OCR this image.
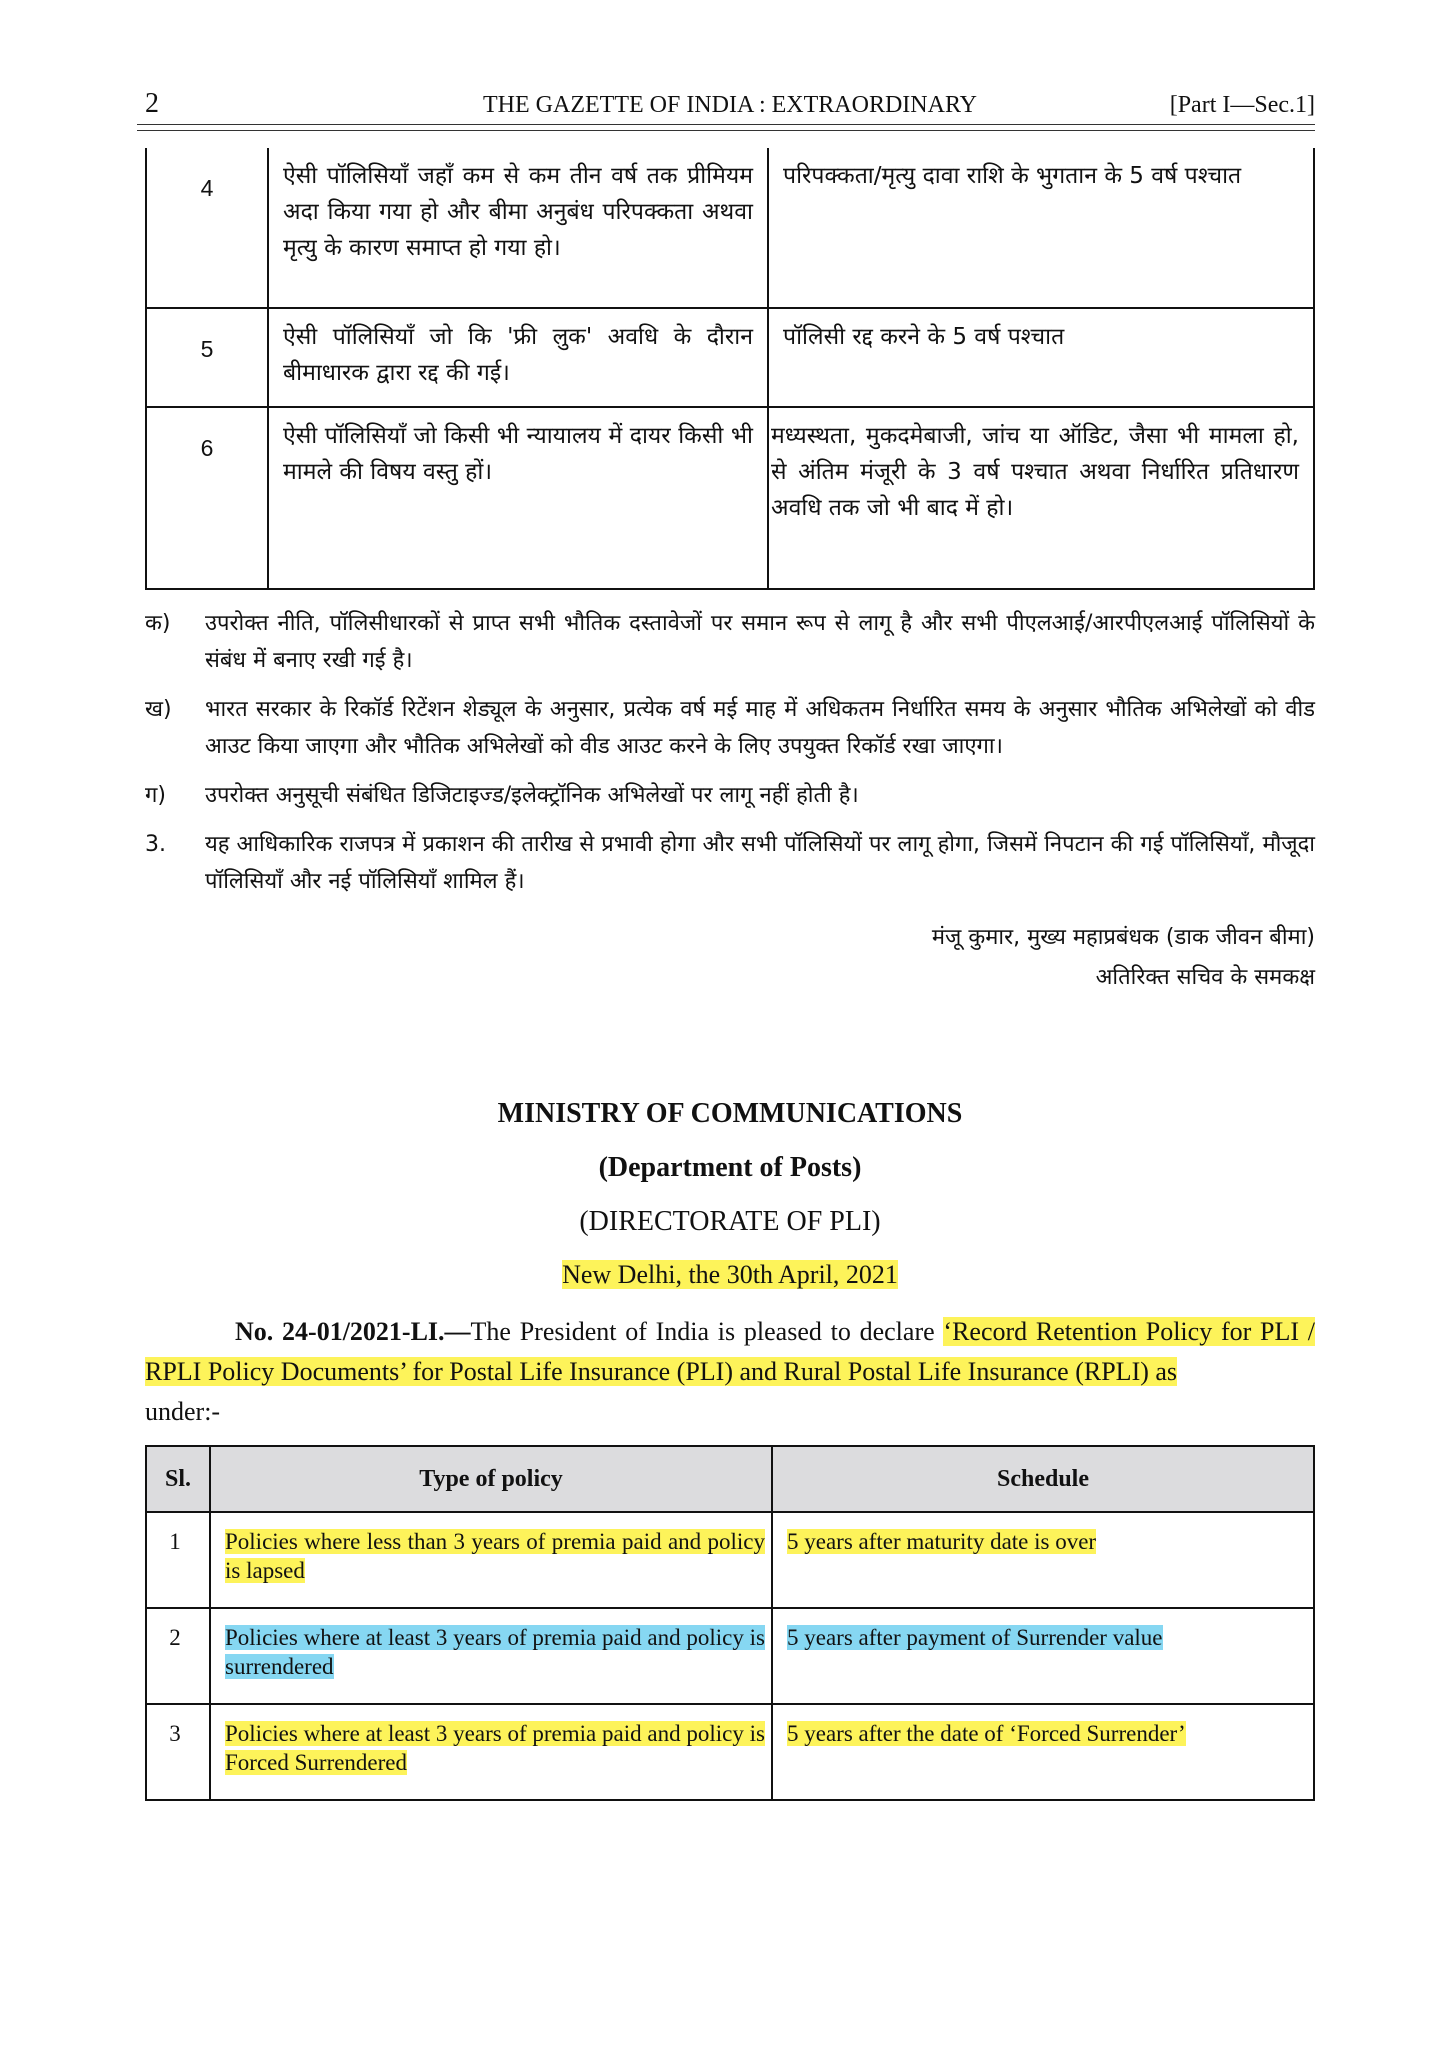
2	THE GAZETTE OF INDIA : EXTRAORDINARY	[Part I—Sec.1]
4	ऐसी पॉलिसियाँ जहाँ कम से कम तीन वर्ष तक प्रीमियम अदा किया गया हो और बीमा अनुबंध परिपक्कता अथवा मृत्यु के कारण समाप्त हो गया हो।	परिपक्कता/मृत्यु दावा राशि के भुगतान के 5 वर्ष पश्चात
5	ऐसी पॉलिसियाँ जो कि 'फ्री लुक' अवधि के दौरान बीमाधारक द्वारा रद्द की गई।	पॉलिसी रद्द करने के 5 वर्ष पश्चात
6	ऐसी पॉलिसियाँ जो किसी भी न्यायालय में दायर किसी भी मामले की विषय वस्तु हों।	मध्यस्थता, मुकदमेबाजी, जांच या ऑडिट, जैसा भी मामला हो, से अंतिम मंजूरी के 3 वर्ष पश्चात अथवा निर्धारित प्रतिधारण अवधि तक जो भी बाद में हो।
क)	उपरोक्त नीति, पॉलिसीधारकों से प्राप्त सभी भौतिक दस्तावेजों पर समान रूप से लागू है और सभी पीएलआई/आरपीएलआई पॉलिसियों के संबंध में बनाए रखी गई है।
ख)	भारत सरकार के रिकॉर्ड रिटेंशन शेड्यूल के अनुसार, प्रत्येक वर्ष मई माह में अधिकतम निर्धारित समय के अनुसार भौतिक अभिलेखों को वीड आउट किया जाएगा और भौतिक अभिलेखों को वीड आउट करने के लिए उपयुक्त रिकॉर्ड रखा जाएगा।
ग)	उपरोक्त अनुसूची संबंधित डिजिटाइज्ड/इलेक्ट्रॉनिक अभिलेखों पर लागू नहीं होती है।
3.	यह आधिकारिक राजपत्र में प्रकाशन की तारीख से प्रभावी होगा और सभी पॉलिसियों पर लागू होगा, जिसमें निपटान की गई पॉलिसियाँ, मौजूदा पॉलिसियाँ और नई पॉलिसियाँ शामिल हैं।
मंजू कुमार, मुख्य महाप्रबंधक (डाक जीवन बीमा)
अतिरिक्त सचिव के समकक्ष
MINISTRY OF COMMUNICATIONS
(Department of Posts)
(DIRECTORATE OF PLI)
New Delhi, the 30th April, 2021
No. 24-01/2021-LI.—The President of India is pleased to declare ‘Record Retention Policy for PLI / RPLI Policy Documents’ for Postal Life Insurance (PLI) and Rural Postal Life Insurance (RPLI) as
under:-
Sl.	Type of policy	Schedule
1	Policies where less than 3 years of premia paid and policy is lapsed	5 years after maturity date is over
2	Policies where at least 3 years of premia paid and policy is surrendered	5 years after payment of Surrender value
3	Policies where at least 3 years of premia paid and policy is Forced Surrendered	5 years after the date of ‘Forced Surrender’
